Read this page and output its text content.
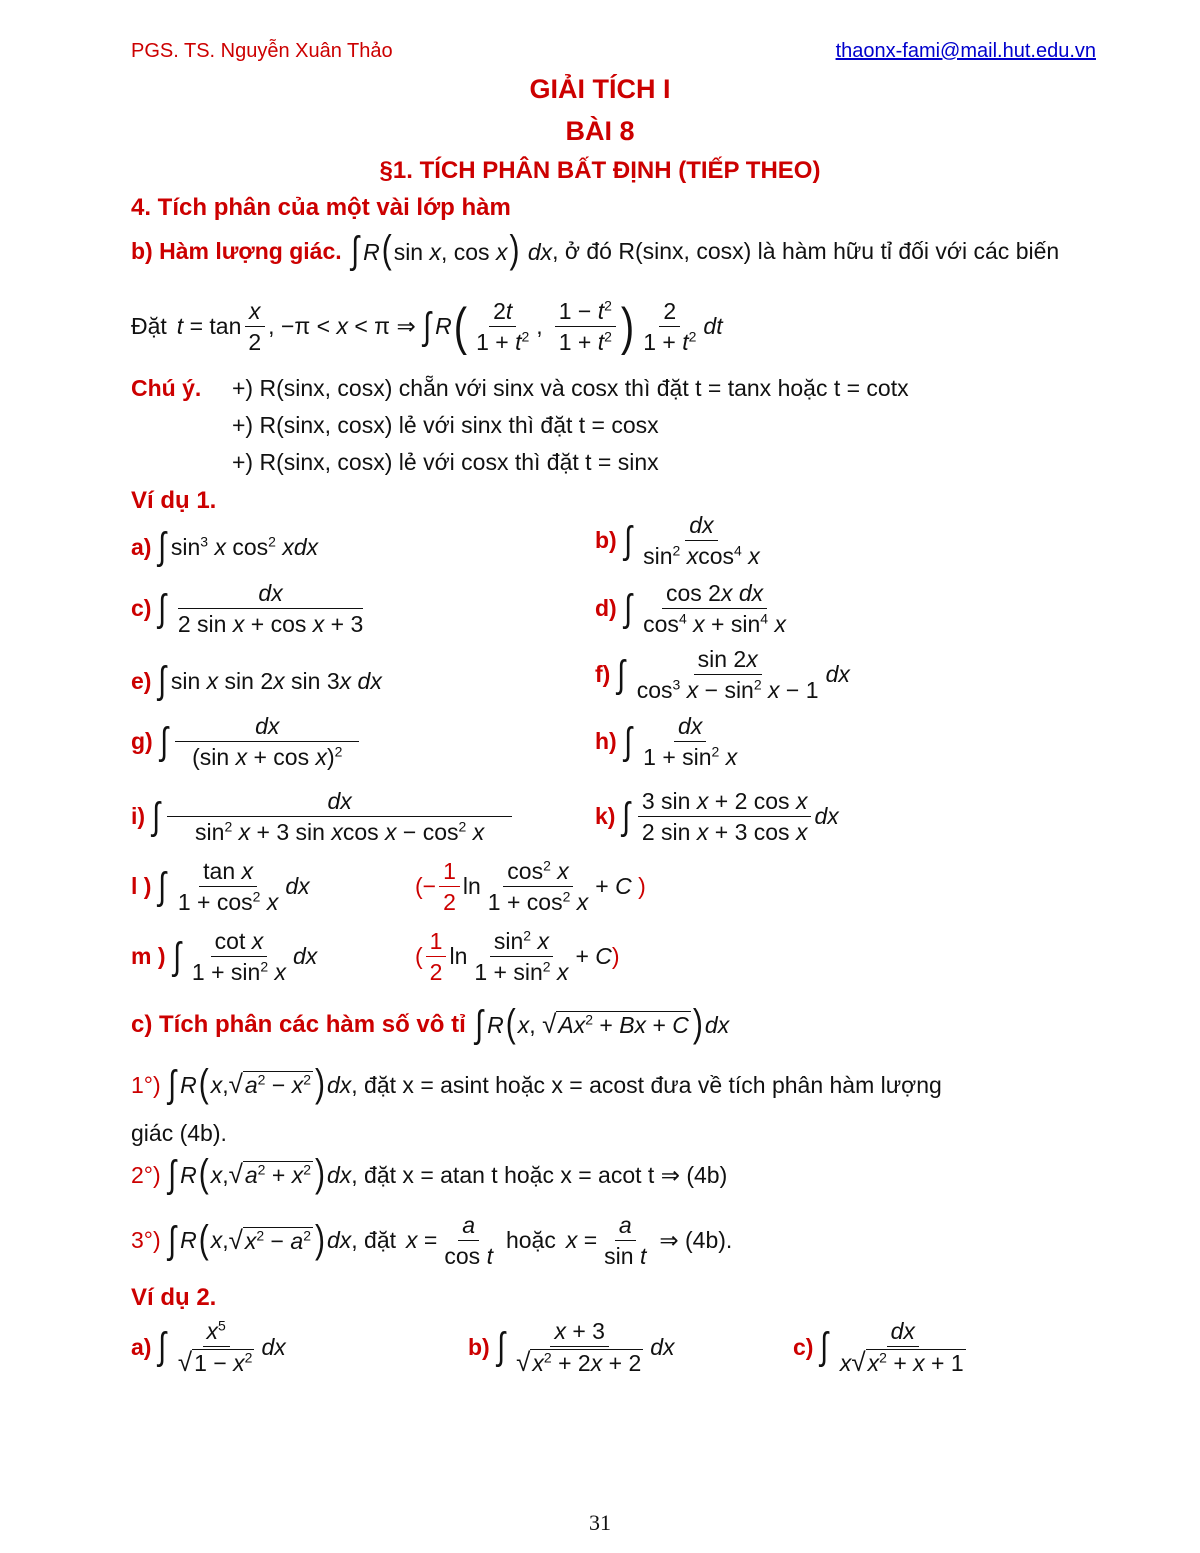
PGS. TS. Nguyễn Xuân Thảo	thaonx-fami@mail.hut.edu.vn
GIẢI TÍCH I
BÀI 8
§1. TÍCH PHÂN BẤT ĐỊNH (TIẾP THEO)
4. Tích phân của một vài lớp hàm
b) Hàm lượng giác. ∫ R(sin x, cos x) dx , ở đó R(sinx, cosx) là hàm hữu tỉ đối với các biến
Đặt $t = \tan \frac{x}{2}$ , −π < x < π ⇒ ∫ R ( $\frac{2t}{1 + t^2}$ , $\frac{1 - t^2}{1 + t^2}$ ) $\frac{2}{1 + t^2}$ dt
Chú ý. +) R(sinx, cosx) chẵn với sinx và cosx thì đặt t = tanx hoặc t = cotx
+) R(sinx, cosx) lẻ với sinx thì đặt t = cosx
+) R(sinx, cosx) lẻ với cosx thì đặt t = sinx
Ví dụ 1.
a) ∫ $\sin^3 x$ $\cos^2$ xdx	b) ∫ $\frac{dx}{\sin^2 xcos^4 x}$
c) ∫ $\frac{dx}{\text{2 sin x + cos x + 3}}$	d) ∫ $\frac{\text{cos 2x dx}}{\cos^4 x + \sin^4 x}$
e) ∫ sin x sin 2x sin 3x dx	f) ∫ $\frac{\sin 2x}{\cos^3 x - \sin^2 x - 1}$ dx
g) ∫ $\frac{dx}{(\sin x + \cos x)^2}$	h) ∫ $\frac{dx}{1 + \sin^2 x}$
i) ∫ $\frac{dx}{\sin^2 x + 3 \sin xcos x - \cos^2 x}$	k) ∫ $\frac{\text{3 sin x + 2 cos x}}{\text{2 sin x + 3 cos x}}$ dx
l ) ∫ $\frac{\text{tan x}}{1 + \cos^2 x}$ dx	(− $\frac{1}{2}$ $\ln \frac{\cos^2 x}{1 + \cos^2 x} + C$ )
m ) ∫ $\frac{\text{cot x}}{1 + \sin^2 x}$ dx	( $\frac{1}{2}$ $\ln \frac{\sin^2 x}{1 + \sin^2 x} + C$ )
c) Tích phân các hàm số vô tỉ ∫ R ( x , √ $Ax^2 + Bx + C$ ) dx
1°) ∫ R ( x , √ $a^2 - x^2$ ) dx , đặt x = asint hoặc x = acost đưa về tích phân hàm lượng
giác (4b).
2°) ∫ R ( x , √ $a^2 + x^2$ ) dx , đặt x = atan t hoặc x = acot t ⇒ (4b)
3°) ∫ R ( x , √ $x^2 - a^2$ ) dx , đặt $x = \frac{a}{\text{cos t}}$ hoặc $x = \frac{a}{\text{sin t}}$ ⇒ (4b).
Ví dụ 2.
a) ∫ $\frac{x^5}{√ 1 - x^2}$ dx	b) ∫ $\frac{x + 3}{√ x^2 + 2x + 2}$ dx	c) ∫ $\frac{dx}{x √ x^2 + x + 1}$
31
